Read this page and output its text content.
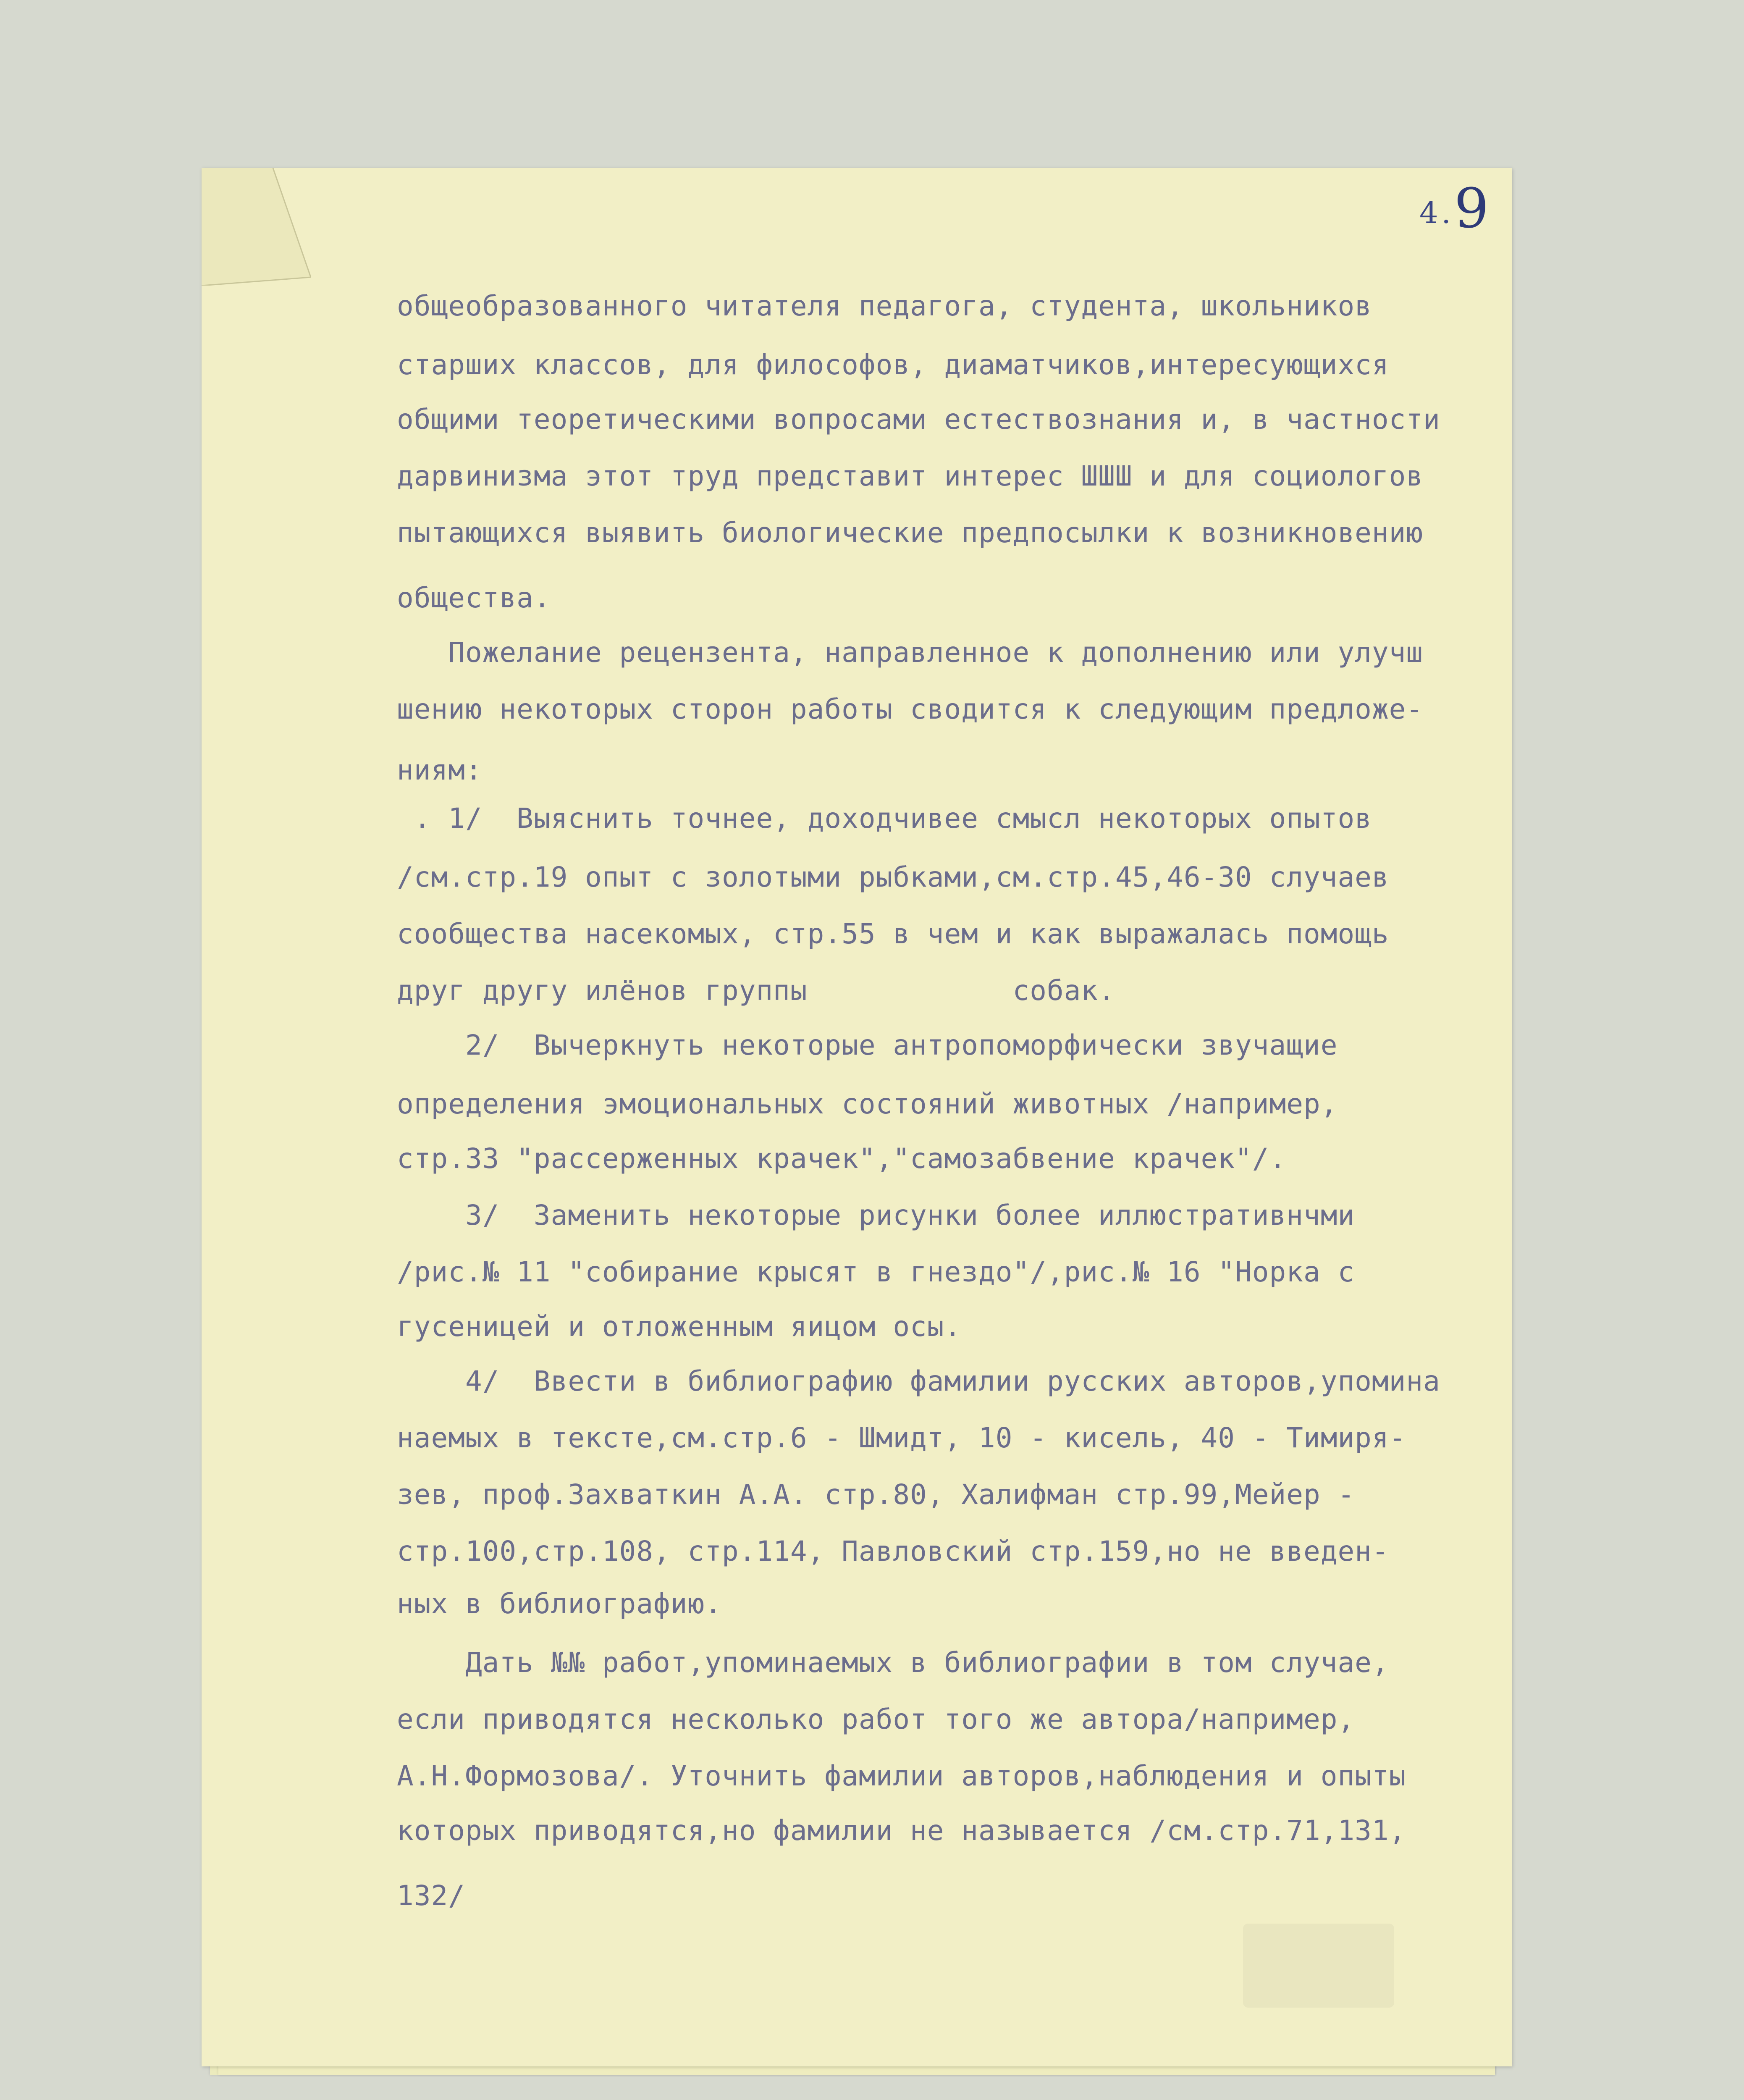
4.9
общеобразованного читателя педагога, студента, школьников
старших классов, для философов, диаматчиков,интересующихся
общими теоретическими вопросами естествознания и, в частности
дарвинизма этот труд представит интерес ШШШ и для социологов
пытающихся выявить биологические предпосылки к возникновению
общества.
Пожелание рецензента, направленное к дополнению или улучш
шению некоторых сторон работы сводится к следующим предложе-
ниям:
. 1/  Выяснить точнее, доходчивее смысл некоторых опытов
/см.стр.19 опыт с золотыми рыбками,см.стр.45,46-30 случаев
сообщества насекомых, стр.55 в чем и как выражалась помощь
друг другу илёнов группы            собак.
2/  Вычеркнуть некоторые антропоморфически звучащие
определения эмоциональных состояний животных /например,
стр.33 "рассерженных крачек","самозабвение крачек"/.
3/  Заменить некоторые рисунки более иллюстративнчми
/рис.№ 11 "собирание крысят в гнездо"/,рис.№ 16 "Норка с
гусеницей и отложенным яицом осы.
4/  Ввести в библиографию фамилии русских авторов,упомина
наемых в тексте,см.стр.6 - Шмидт, 10 - кисель, 40 - Тимиря-
зев, проф.Захваткин А.А. стр.80, Халифман стр.99,Мейер -
стр.100,стр.108, стр.114, Павловский стр.159,но не введен-
ных в библиографию.
Дать №№ работ,упоминаемых в библиографии в том случае,
если приводятся несколько работ того же автора/например,
А.Н.Формозова/. Уточнить фамилии авторов,наблюдения и опыты
которых приводятся,но фамилии не называется /см.стр.71,131,
132/
